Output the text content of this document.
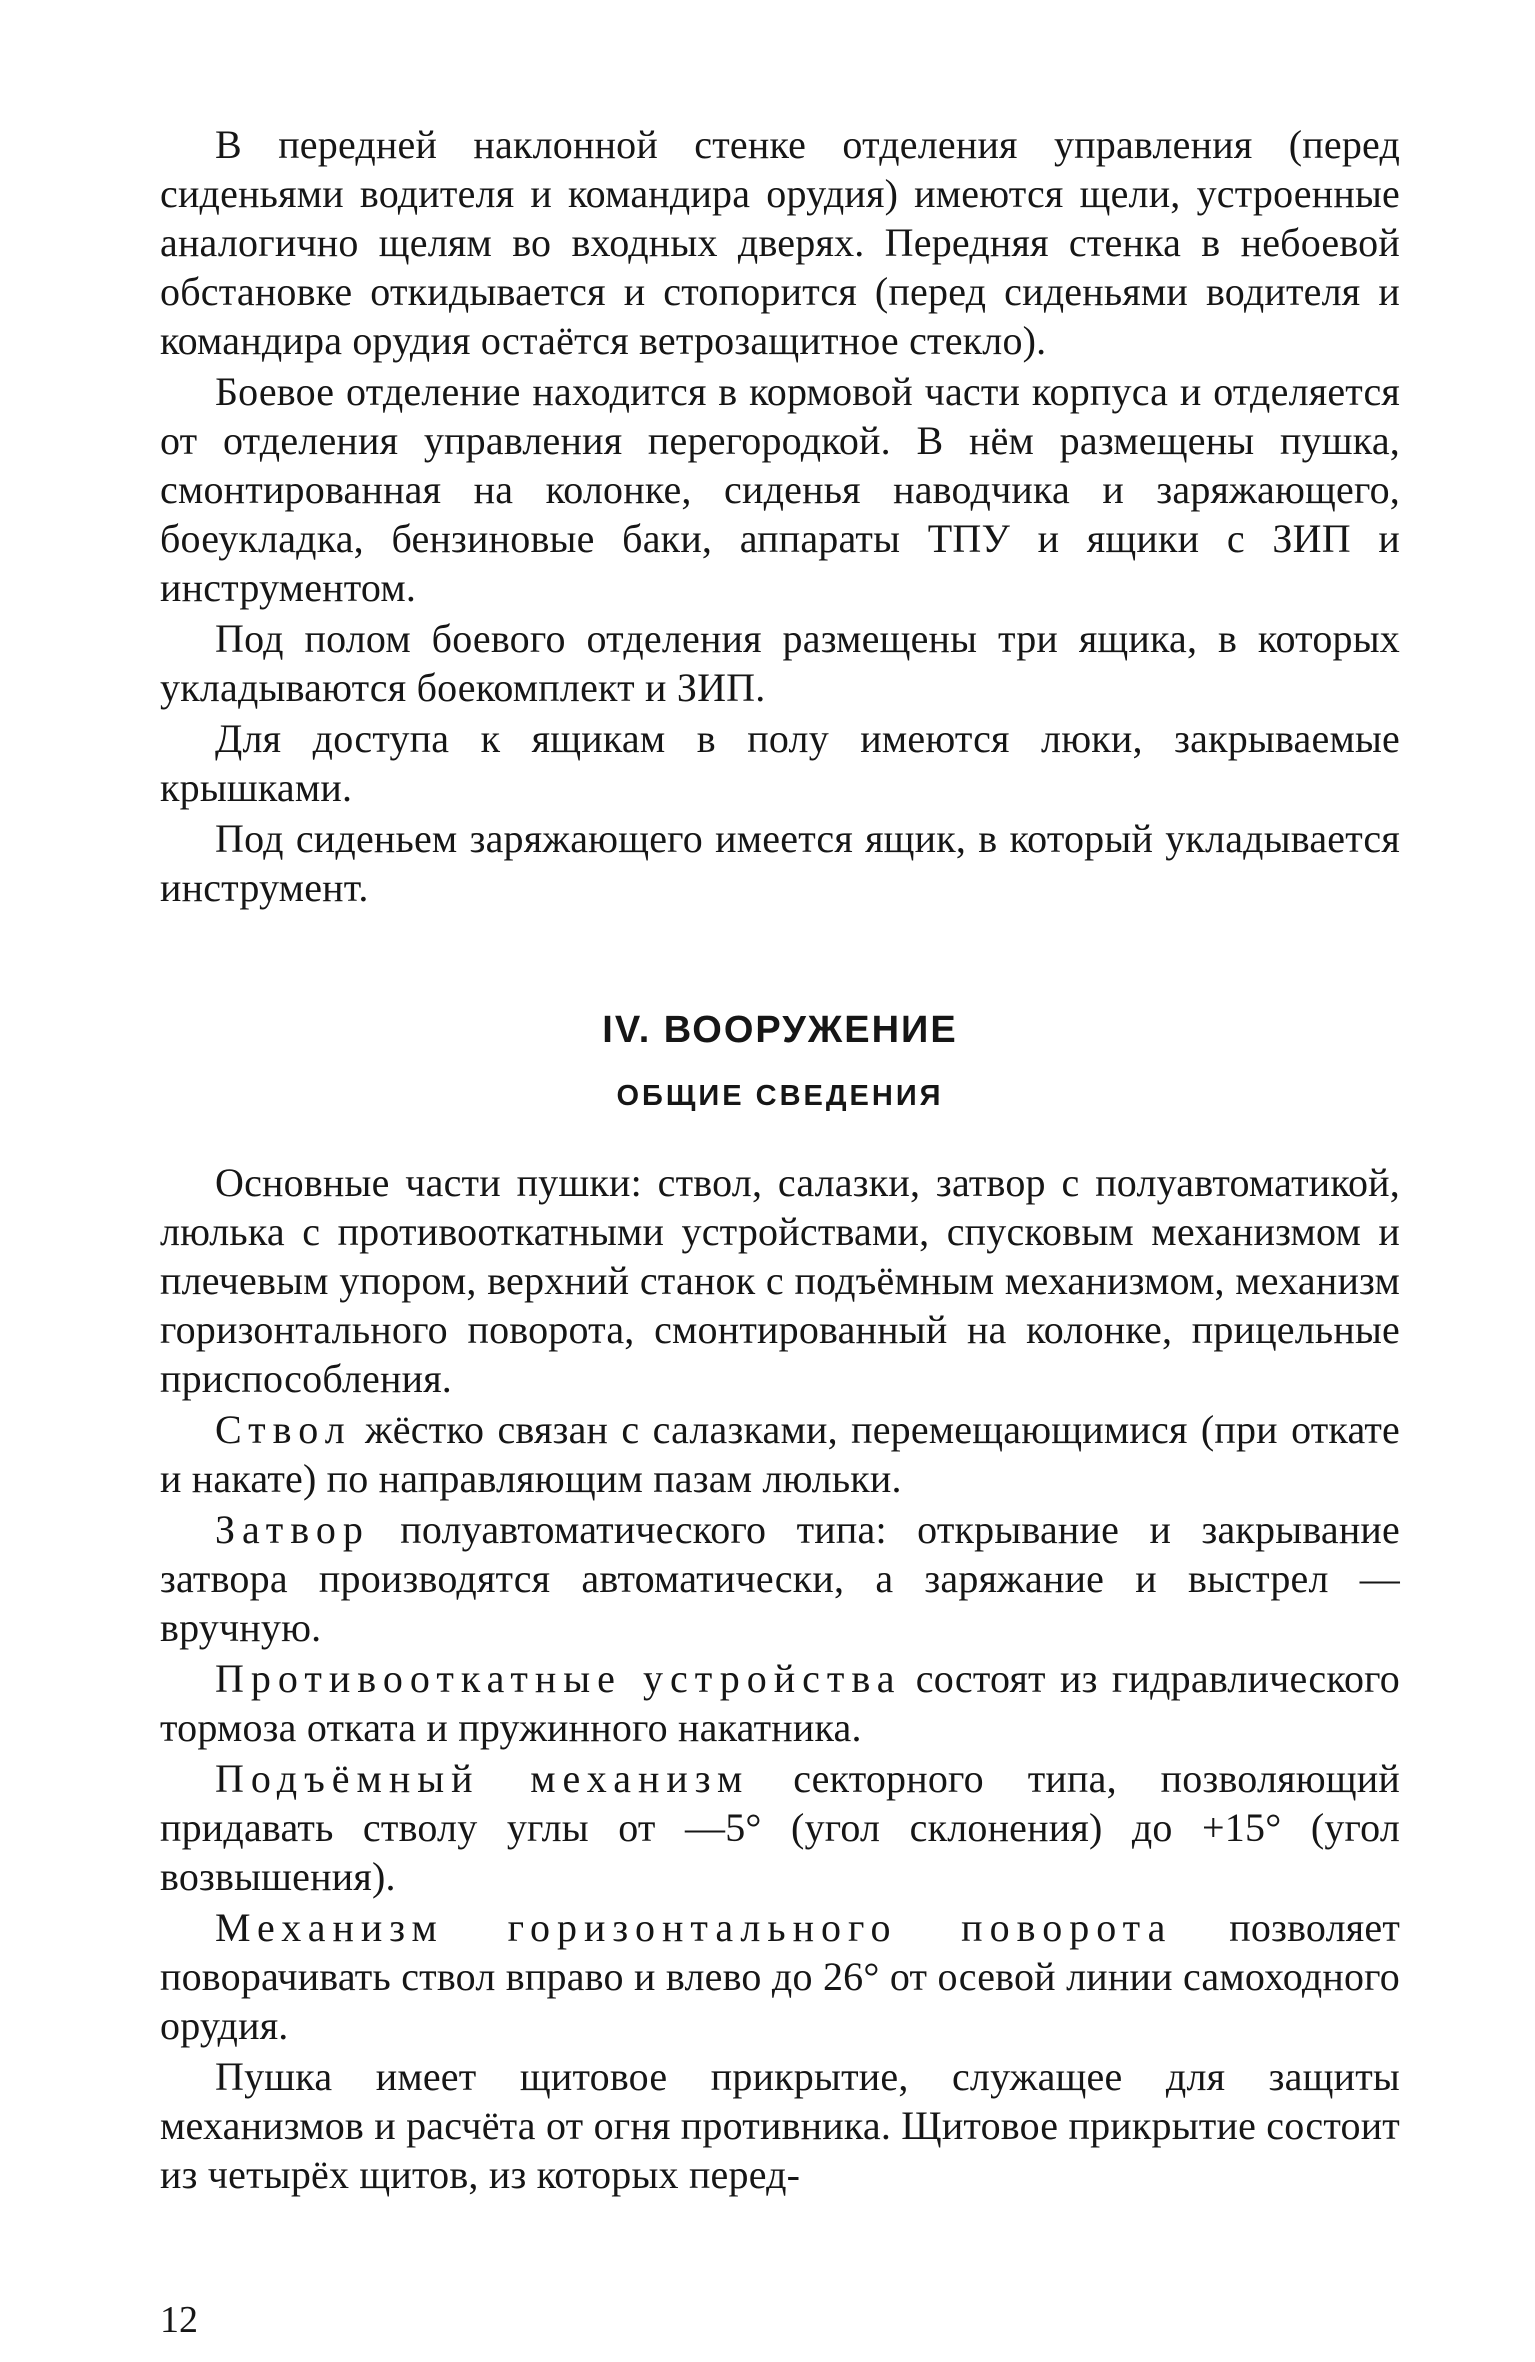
В передней наклонной стенке отделения управления (перед сиденьями водителя и командира орудия) имеются щели, устроенные аналогично щелям во входных дверях. Передняя стенка в небоевой обстановке откидывается и стопорится (перед сиденьями водителя и командира орудия остаётся ветрозащитное стекло).

Боевое отделение находится в кормовой части корпуса и отделяется от отделения управления перегородкой. В нём размещены пушка, смонтированная на колонке, сиденья наводчика и заряжающего, боеукладка, бензиновые баки, аппараты ТПУ и ящики с ЗИП и инструментом.

Под полом боевого отделения размещены три ящика, в которых укладываются боекомплект и ЗИП.

Для доступа к ящикам в полу имеются люки, закрываемые крышками.

Под сиденьем заряжающего имеется ящик, в который укладывается инструмент.

IV. ВООРУЖЕНИЕ
ОБЩИЕ СВЕДЕНИЯ

Основные части пушки: ствол, салазки, затвор с полуавтоматикой, люлька с противооткатными устройствами, спусковым механизмом и плечевым упором, верхний станок с подъёмным механизмом, механизм горизонтального поворота, смонтированный на колонке, прицельные приспособления.

Ствол жёстко связан с салазками, перемещающимися (при откате и накате) по направляющим пазам люльки.

Затвор полуавтоматического типа: открывание и закрывание затвора производятся автоматически, а заряжание и выстрел — вручную.

Противооткатные устройства состоят из гидравлического тормоза отката и пружинного накатника.

Подъёмный механизм секторного типа, позволяющий придавать стволу углы от —5° (угол склонения) до +15° (угол возвышения).

Механизм горизонтального поворота позволяет поворачивать ствол вправо и влево до 26° от осевой линии самоходного орудия.

Пушка имеет щитовое прикрытие, служащее для защиты механизмов и расчёта от огня противника. Щитовое прикрытие состоит из четырёх щитов, из которых перед-

12
